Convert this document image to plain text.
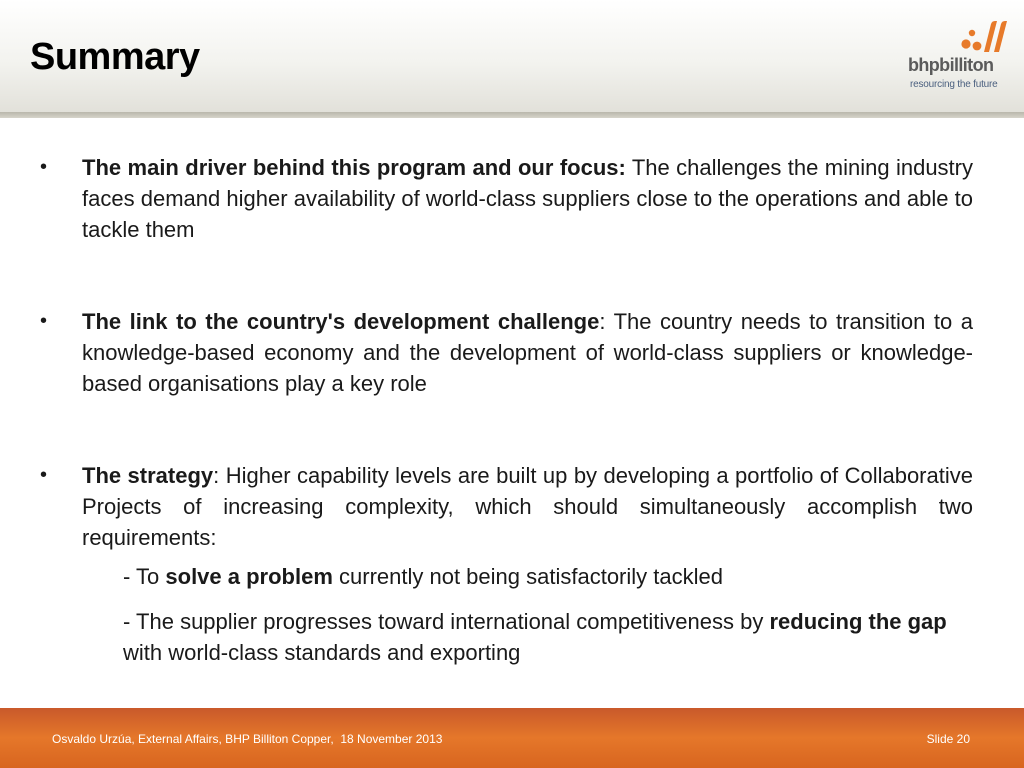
Summary	bhpbilliton
resourcing the future
• The main driver behind this program and our focus: The challenges the mining industry faces demand higher availability of world-class suppliers close to the operations and able to tackle them
• The link to the country's development challenge: The country needs to transition to a knowledge-based economy and the development of world-class suppliers or knowledge-based organisations play a key role
• The strategy: Higher capability levels are built up by developing a portfolio of Collaborative Projects of increasing complexity, which should simultaneously accomplish two requirements:

- To solve a problem currently not being satisfactorily tackled

- The supplier progresses toward international competitiveness by reducing the gap with world-class standards and exporting

Osvaldo Urzúa, External Affairs, BHP Billiton Copper,  18 November 2013	Slide 20
